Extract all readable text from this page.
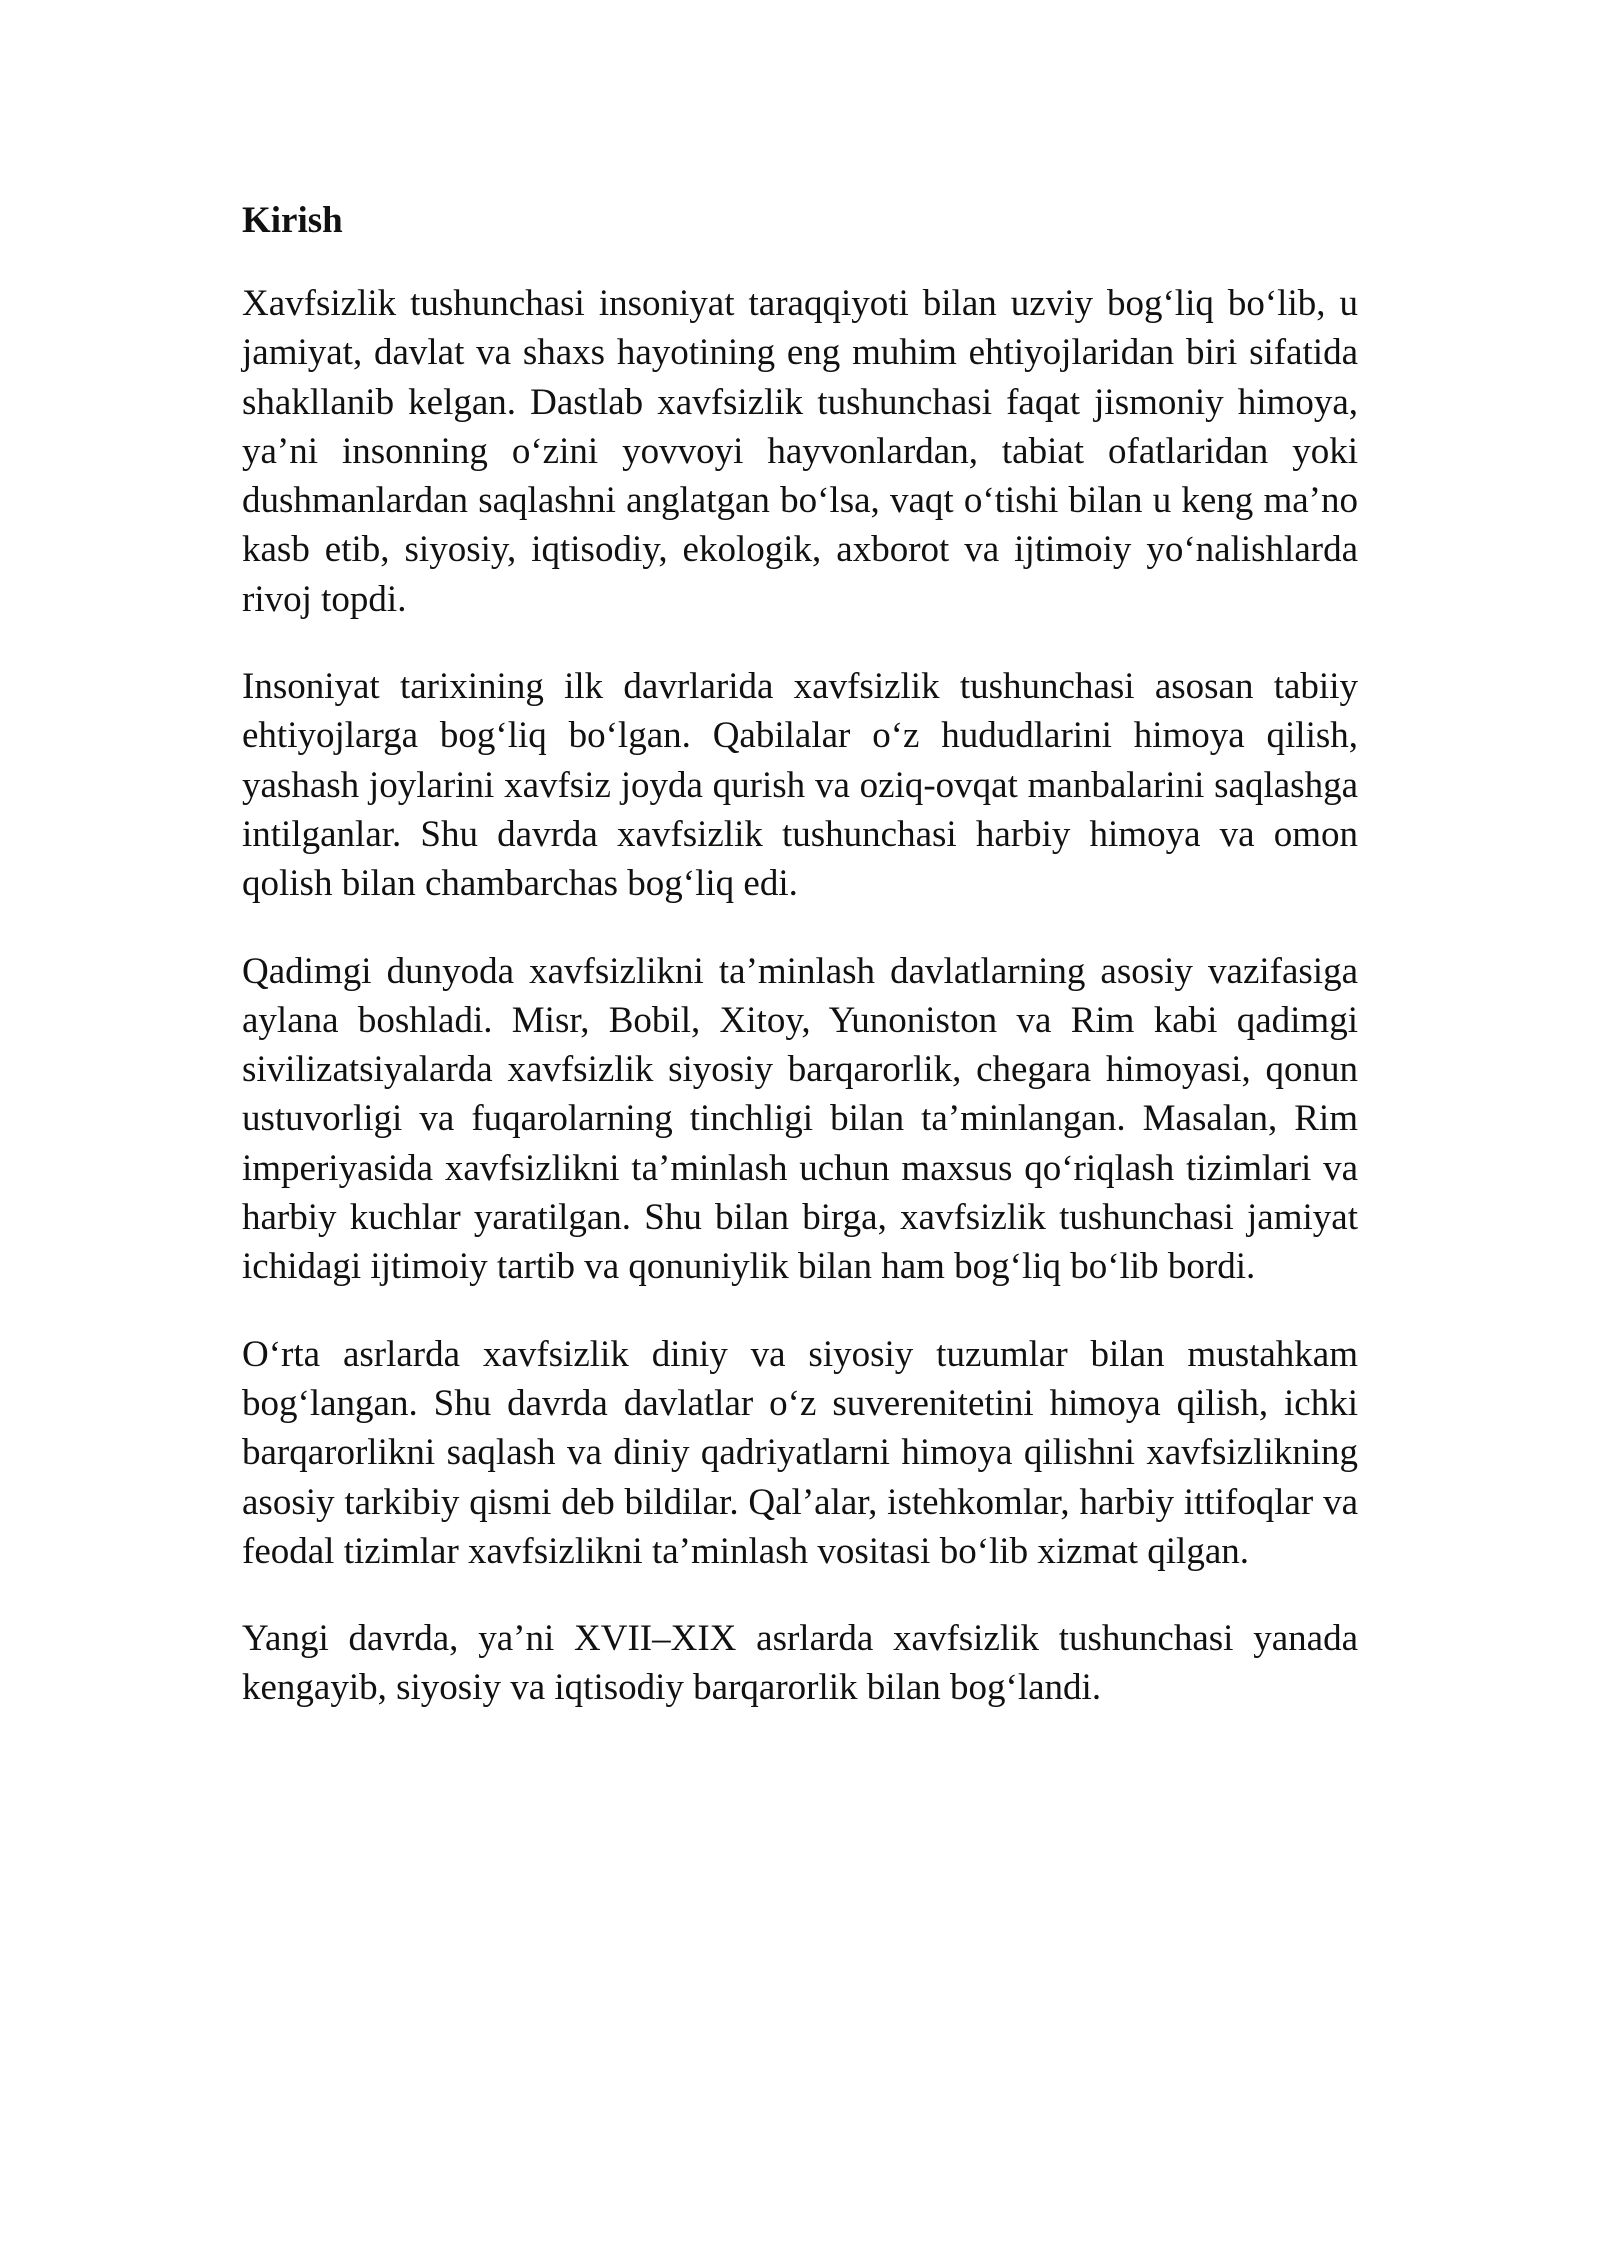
Kirish

Xavfsizlik tushunchasi insoniyat taraqqiyoti bilan uzviy bog‘liq bo‘lib, u jamiyat, davlat va shaxs hayotining eng muhim ehtiyojlaridan biri sifatida shakllanib kelgan. Dastlab xavfsizlik tushunchasi faqat jismoniy himoya, ya’ni insonning o‘zini yovvoyi hayvonlardan, tabiat ofatlaridan yoki dushmanlardan saqlashni anglatgan bo‘lsa, vaqt o‘tishi bilan u keng ma’no kasb etib, siyosiy, iqtisodiy, ekologik, axborot va ijtimoiy yo‘nalishlarda rivoj topdi.

Insoniyat tarixining ilk davrlarida xavfsizlik tushunchasi asosan tabiiy ehtiyojlarga bog‘liq bo‘lgan. Qabilalar o‘z hududlarini himoya qilish, yashash joylarini xavfsiz joyda qurish va oziq-ovqat manbalarini saqlashga intilganlar. Shu davrda xavfsizlik tushunchasi harbiy himoya va omon qolish bilan chambarchas bog‘liq edi.

Qadimgi dunyoda xavfsizlikni ta’minlash davlatlarning asosiy vazifasiga aylana boshladi. Misr, Bobil, Xitoy, Yunoniston va Rim kabi qadimgi sivilizatsiyalarda xavfsizlik siyosiy barqarorlik, chegara himoyasi, qonun ustuvorligi va fuqarolarning tinchligi bilan ta’minlangan. Masalan, Rim imperiyasida xavfsizlikni ta’minlash uchun maxsus qo‘riqlash tizimlari va harbiy kuchlar yaratilgan. Shu bilan birga, xavfsizlik tushunchasi jamiyat ichidagi ijtimoiy tartib va qonuniylik bilan ham bog‘liq bo‘lib bordi.

O‘rta asrlarda xavfsizlik diniy va siyosiy tuzumlar bilan mustahkam bog‘langan. Shu davrda davlatlar o‘z suverenitetini himoya qilish, ichki barqarorlikni saqlash va diniy qadriyatlarni himoya qilishni xavfsizlikning asosiy tarkibiy qismi deb bildilar. Qal’alar, istehkomlar, harbiy ittifoqlar va feodal tizimlar xavfsizlikni ta’minlash vositasi bo‘lib xizmat qilgan.

Yangi davrda, ya’ni XVII–XIX asrlarda xavfsizlik tushunchasi yanada kengayib, siyosiy va iqtisodiy barqarorlik bilan bog‘landi.
